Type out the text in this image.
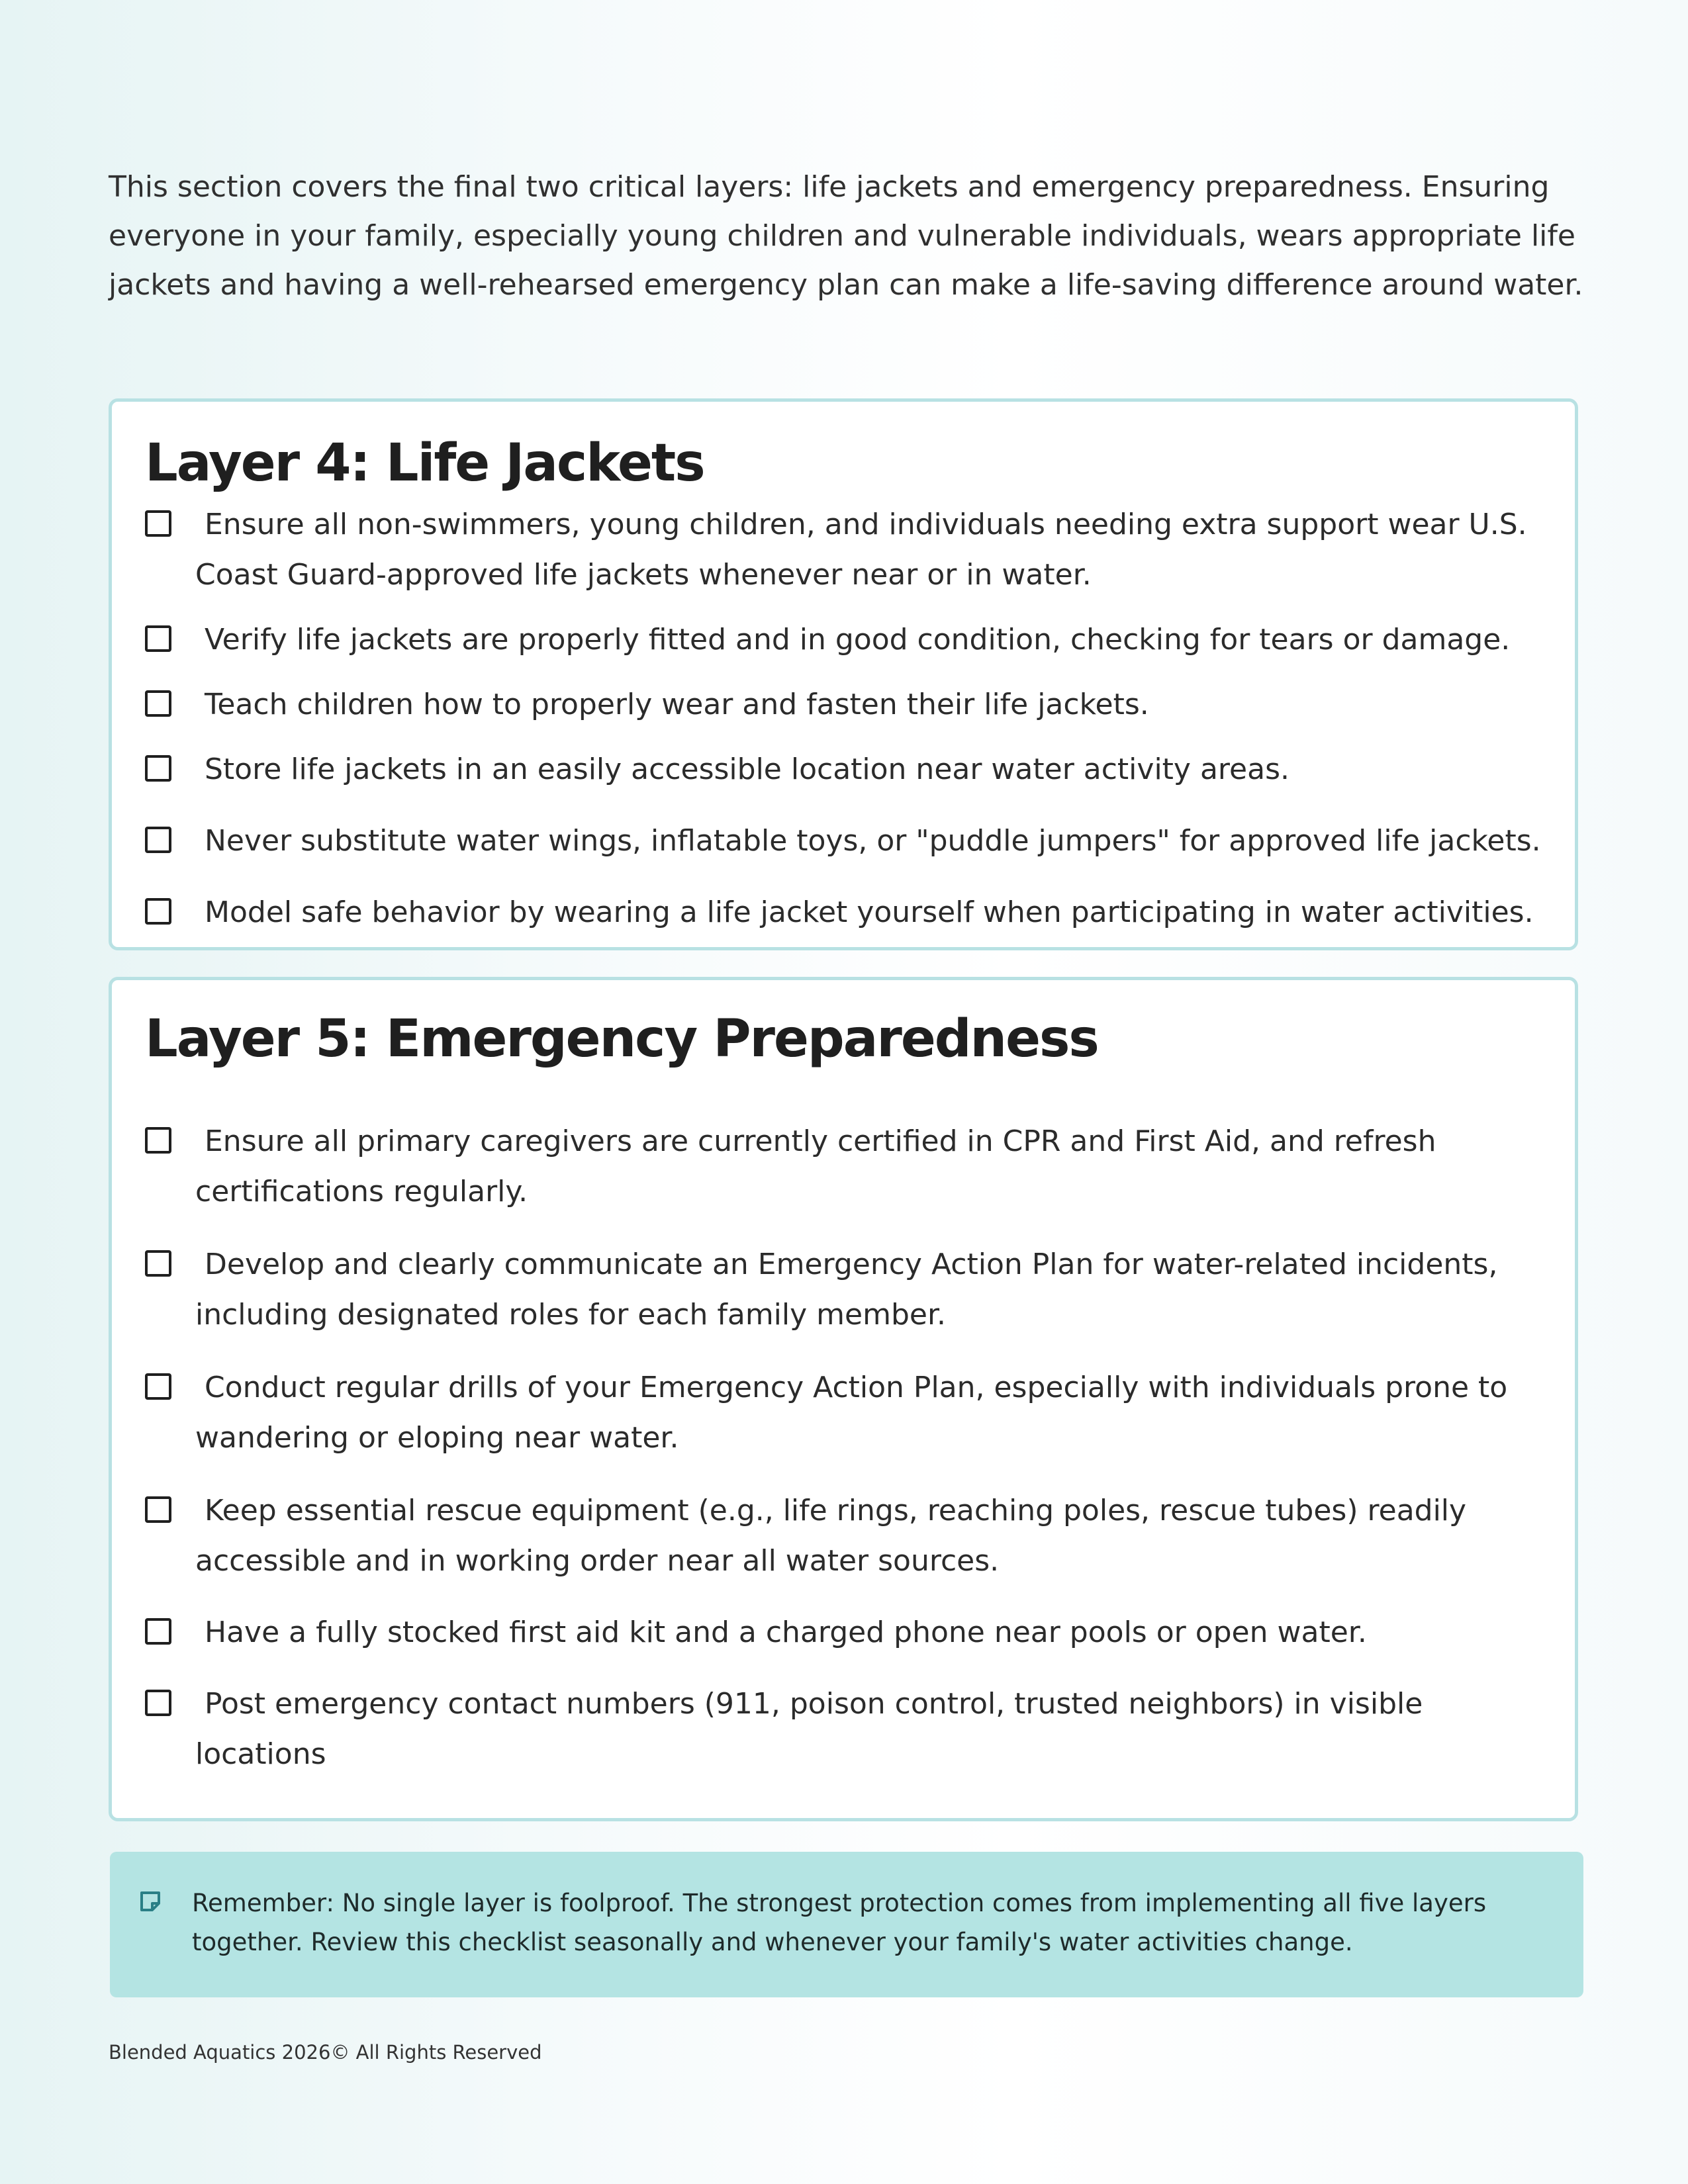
This section covers the final two critical layers: life jackets and emergency preparedness. Ensuring everyone in your family, especially young children and vulnerable individuals, wears appropriate life jackets and having a well-rehearsed emergency plan can make a life-saving difference around water.

Layer 4: Life Jackets
Ensure all non-swimmers, young children, and individuals needing extra support wear U.S. Coast Guard-approved life jackets whenever near or in water.
Verify life jackets are properly fitted and in good condition, checking for tears or damage.
Teach children how to properly wear and fasten their life jackets.
Store life jackets in an easily accessible location near water activity areas.
Never substitute water wings, inflatable toys, or "puddle jumpers" for approved life jackets.
Model safe behavior by wearing a life jacket yourself when participating in water activities.
Layer 5: Emergency Preparedness
Ensure all primary caregivers are currently certified in CPR and First Aid, and refresh certifications regularly.
Develop and clearly communicate an Emergency Action Plan for water-related incidents, including designated roles for each family member.
Conduct regular drills of your Emergency Action Plan, especially with individuals prone to wandering or eloping near water.
Keep essential rescue equipment (e.g., life rings, reaching poles, rescue tubes) readily accessible and in working order near all water sources.
Have a fully stocked first aid kit and a charged phone near pools or open water.
Post emergency contact numbers (911, poison control, trusted neighbors) in visible locations

Remember: No single layer is foolproof. The strongest protection comes from implementing all five layers together. Review this checklist seasonally and whenever your family's water activities change.

Blended Aquatics 2026© All Rights Reserved
